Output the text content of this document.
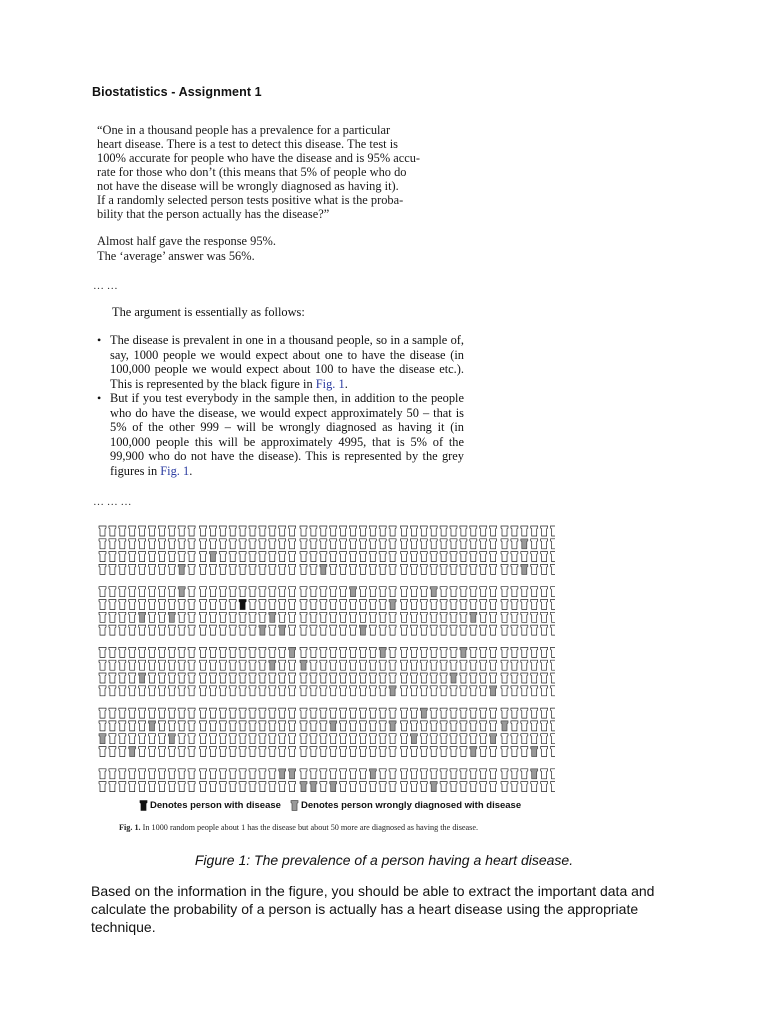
Biostatistics - Assignment 1

“One in a thousand people has a prevalence for a particular

heart disease. There is a test to detect this disease. The test is

100% accurate for people who have the disease and is 95% accu-

rate for those who don’t (this means that 5% of people who do

not have the disease will be wrongly diagnosed as having it).

If a randomly selected person tests positive what is the proba-

bility that the person actually has the disease?”

Almost half gave the response 95%.

The ‘average’ answer was 56%.

… …
The argument is essentially as follows:
• The disease is prevalent in one in a thousand people, so in a sample of, say, 1000 people we would expect about one to have the disease (in 100,000 people we would expect about 100 to have the disease etc.). This is represented by the black figure in Fig. 1.
• But if you test everybody in the sample then, in addition to the people who do have the disease, we would expect approximately 50 – that is 5% of the other 999 – will be wrongly diagnosed as having it (in 100,000 people this will be approximately 4995, that is 5% of the 99,900 who do not have the disease). This is represented by the grey figures in Fig. 1.
… … …
Denotes person with disease Denotes person wrongly diagnosed with disease
Fig. 1. In 1000 random people about 1 has the disease but about 50 more are diagnosed as having the disease.
Figure 1: The prevalence of a person having a heart disease.
Based on the information in the figure, you should be able to extract the important data and calculate the probability of a person is actually has a heart disease using the appropriate technique.
